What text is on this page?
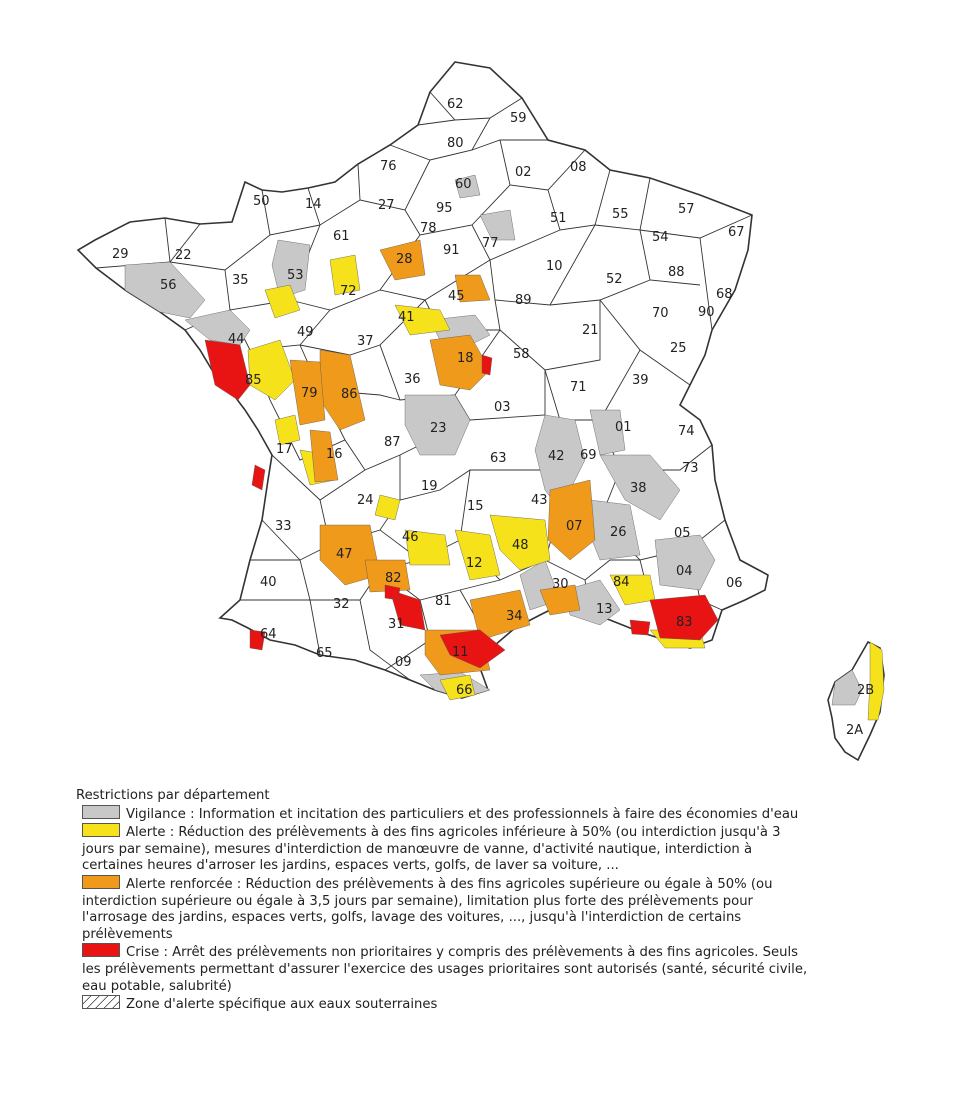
62
59
80
76
60
02	08
50	14	27	95
78
91 77
51	55	57
67
54
29	22
61
28	10
52	88
68
35
56
53
72	45	89
70 90
41
21
25
44	49
37
18	58
85	36
71	39
79 86
03
01	74
17	87
23
16	63	42 69
73
38
19
24	15	43
33	07 26	05
46
47
48
12
04
06
40	82	30	84
32	81
34	13
83
64
31
65
09
11
66	2B
2A
Restrictions par département
Vigilance : Information et incitation des particuliers et des professionnels à faire des économies d'eau
Alerte : Réduction des prélèvements à des fins agricoles inférieure à 50% (ou interdiction jusqu'à 3 jours par semaine), mesures d'interdiction de manœuvre de vanne, d'activité nautique, interdiction à certaines heures d'arroser les jardins, espaces verts, golfs, de laver sa voiture, ...
Alerte renforcée : Réduction des prélèvements à des fins agricoles supérieure ou égale à 50% (ou interdiction supérieure ou égale à 3,5 jours par semaine), limitation plus forte des prélèvements pour l'arrosage des jardins, espaces verts, golfs, lavage des voitures, ..., jusqu'à l'interdiction de certains prélèvements
Crise : Arrêt des prélèvements non prioritaires y compris des prélèvements à des fins agricoles. Seuls les prélèvements permettant d'assurer l'exercice des usages prioritaires sont autorisés (santé, sécurité civile, eau potable, salubrité)
Zone d'alerte spécifique aux eaux souterraines
